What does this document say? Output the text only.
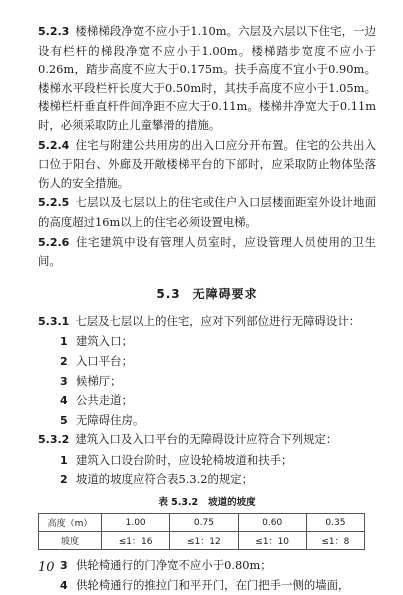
5.2.3 楼梯梯段净宽不应小于1.10m。六层及六层以下住宅，一边设有栏杆的梯段净宽不应小于1.00m。楼梯踏步宽度不应小于0.26m，踏步高度不应大于0.175m。扶手高度不宜小于0.90m。楼梯水平段栏杆长度大于0.50m时，其扶手高度不应小于1.05m。楼梯栏杆垂直杆件间净距不应大于0.11m。楼梯井净宽大于0.11m时，必须采取防止儿童攀滑的措施。

5.2.4 住宅与附建公共用房的出入口应分开布置。住宅的公共出入口位于阳台、外廊及开敞楼梯平台的下部时，应采取防止物体坠落伤人的安全措施。

5.2.5 七层以及七层以上的住宅或住户入口层楼面距室外设计地面的高度超过16m以上的住宅必须设置电梯。

5.2.6 住宅建筑中设有管理人员室时，应设管理人员使用的卫生间。

5.3 无障碍要求

5.3.1 七层及七层以上的住宅，应对下列部位进行无障碍设计：

1 建筑入口；
2 入口平台；
3 候梯厅；
4 公共走道；
5 无障碍住房。

5.3.2 建筑入口及入口平台的无障碍设计应符合下列规定：

1 建筑入口设台阶时，应设轮椅坡道和扶手；
2 坡道的坡度应符合表5.3.2的规定；
表 5.3.2 坡道的坡度
高度（m）	1.00	0.75	0.60	0.35
坡度	≤1：16	≤1：12	≤1：10	≤1：8
3 供轮椅通行的门净宽不应小于0.80m；
4 供轮椅通行的推拉门和平开门，在门把手一侧的墙面，
10
